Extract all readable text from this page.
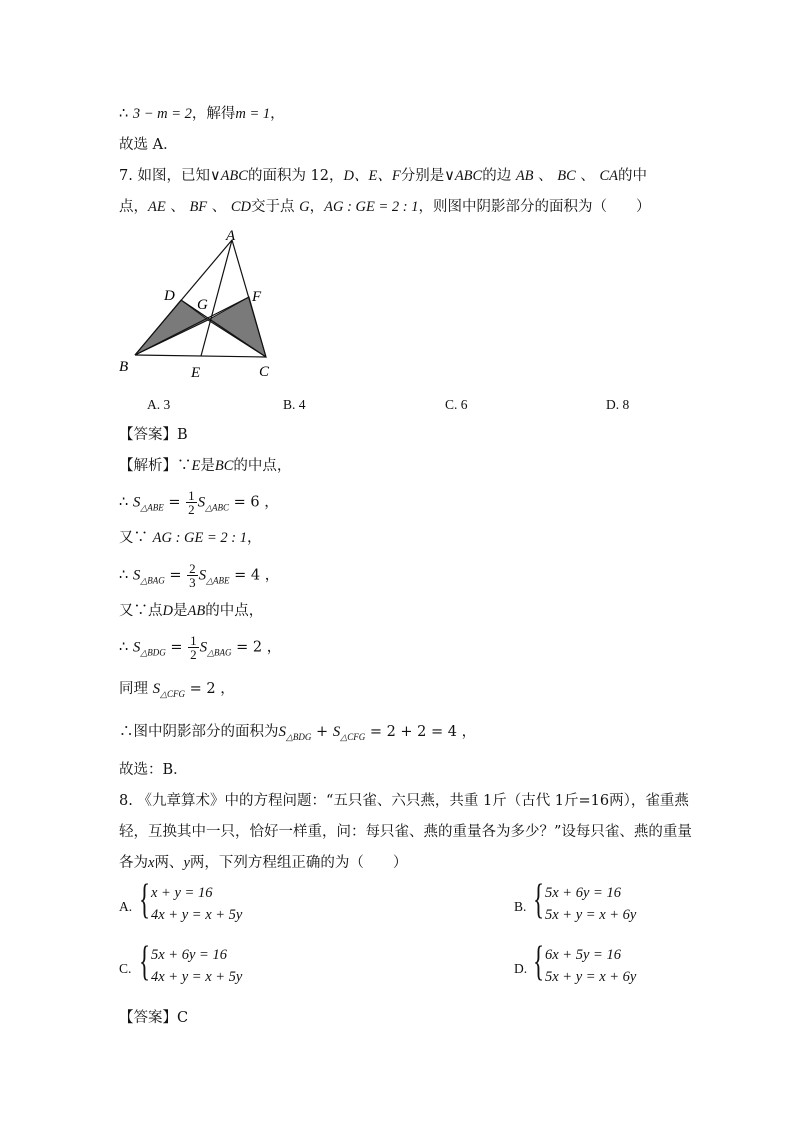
∴ 3 − m = 2，解得m = 1，
故选 A．
7. 如图，已知∨ABC的面积为 12，D、E、F分别是∨ABC的边 AB 、 BC 、 CA的中
点，AE 、 BF 、 CD交于点 G，AG : GE = 2 : 1，则图中阴影部分的面积为（　　）
A
B	C
D
E
F
G
A. 3	B. 4	C. 6	D. 8
【答案】B
【解析】∵E是BC的中点，
∴ $S_{\triangle ABE} = \frac{1}{2} S_{\triangle ABC} = 6$ ，
又∵ AG : GE = 2 : 1，
∴ $S_{\triangle BAG} = \frac{2}{3} S_{\triangle ABE} = 4$ ，
又∵点D是AB的中点，
∴ $S_{\triangle BDG} = \frac{1}{2} S_{\triangle BAG} = 2$ ，
同理 $S_{\triangle CFG} = 2$ ，
∴图中阴影部分的面积为$S_{\triangle BDG} + S_{\triangle CFG} = 2 + 2 = 4$ ，
故选：B．
8. 《九章算术》中的方程问题：“五只雀、六只燕，共重 1斤（古代 1斤=16两），雀重燕
轻，互换其中一只，恰好一样重，问：每只雀、燕的重量各为多少？”设每只雀、燕的重量
各为x两、y两，下列方程组正确的为（　　）
A. { x + y = 16
4x + y = x + 5y
B. { 5x + 6y = 16
5x + y = x + 6y
C. { 5x + 6y = 16
4x + y = x + 5y
D. { 6x + 5y = 16
5x + y = x + 6y
【答案】C
